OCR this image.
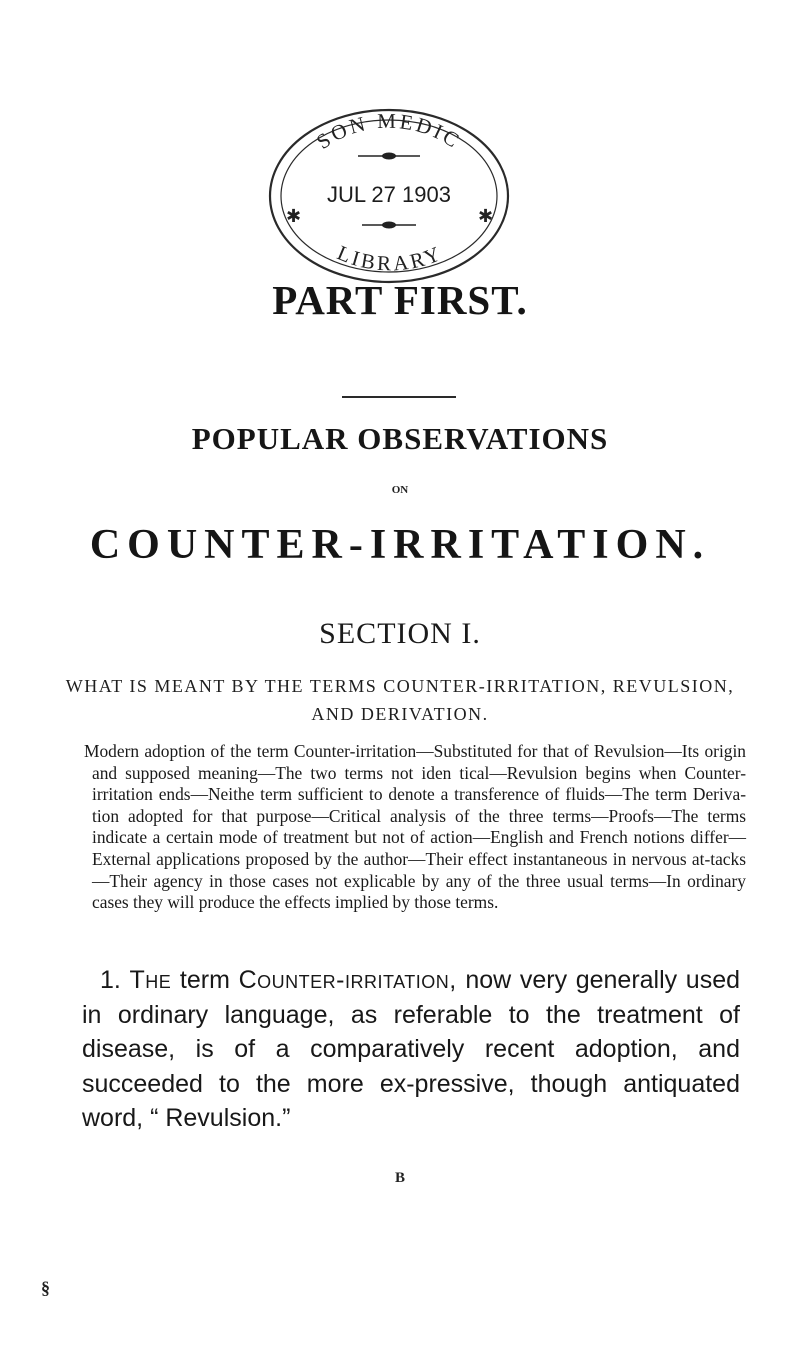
SON MEDIC
LIBRARY
JUL 27 1903
✱	✱
PART FIRST.
POPULAR OBSERVATIONS
ON
COUNTER-IRRITATION.
SECTION I.
WHAT IS MEANT BY THE TERMS COUNTER-IRRITATION, REVULSION, AND DERIVATION.
Modern adoption of the term Counter-irritation—Substituted for that of Revulsion—Its origin and supposed meaning—The two terms not iden tical—Revulsion begins when Counter-irritation ends—Neithe term sufficient to denote a transference of fluids—The term Deriva-tion adopted for that purpose—Critical analysis of the three terms—Proofs—The terms indicate a certain mode of treatment but not of action—English and French notions differ—External applications proposed by the author—Their effect instantaneous in nervous at-tacks—Their agency in those cases not explicable by any of the three usual terms—In ordinary cases they will produce the effects implied by those terms.
1. The term Counter-irritation, now very generally used in ordinary language, as referable to the treatment of disease, is of a comparatively recent adoption, and succeeded to the more ex-pressive, though antiquated word, “ Revulsion.”
B
§
